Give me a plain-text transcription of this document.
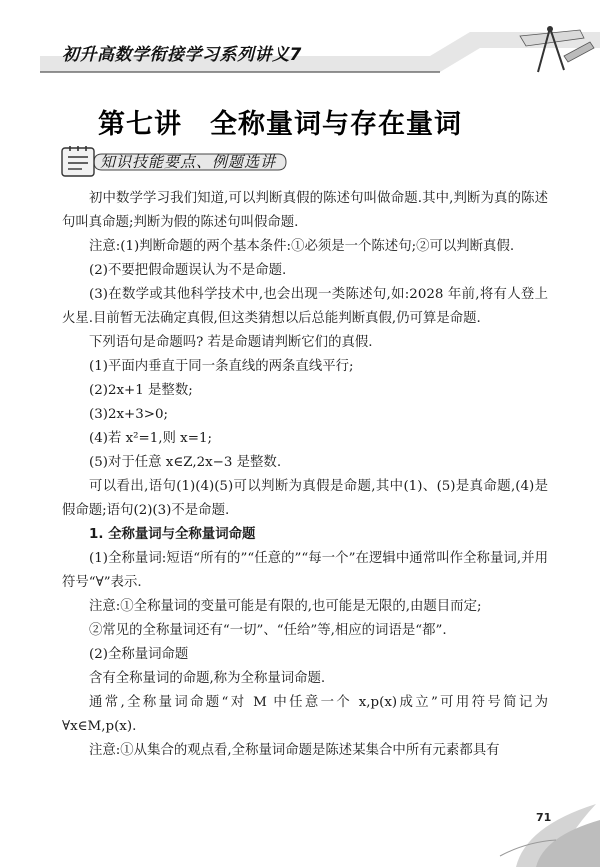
初升高数学衔接学习系列讲义7
第七讲　全称量词与存在量词
知识技能要点、例题选讲

初中数学学习我们知道,可以判断真假的陈述句叫做命题.其中,判断为真的陈述句叫真命题;判断为假的陈述句叫假命题.

注意:(1)判断命题的两个基本条件:①必须是一个陈述句;②可以判断真假.

(2)不要把假命题误认为不是命题.

(3)在数学或其他科学技术中,也会出现一类陈述句,如:2028 年前,将有人登上火星.目前暂无法确定真假,但这类猜想以后总能判断真假,仍可算是命题.

下列语句是命题吗? 若是命题请判断它们的真假.

(1)平面内垂直于同一条直线的两条直线平行;

(2)2x+1 是整数;

(3)2x+3>0;

(4)若 x²=1,则 x=1;

(5)对于任意 x∈Z,2x−3 是整数.

可以看出,语句(1)(4)(5)可以判断为真假是命题,其中(1)、(5)是真命题,(4)是假命题;语句(2)(3)不是命题.

1. 全称量词与全称量词命题

(1)全称量词:短语“所有的”“任意的”“每一个”在逻辑中通常叫作全称量词,并用符号“∀”表示.

注意:①全称量词的变量可能是有限的,也可能是无限的,由题目而定;

②常见的全称量词还有“一切”、“任给”等,相应的词语是“都”.

(2)全称量词命题

含有全称量词的命题,称为全称量词命题.

通常,全称量词命题“对 M 中任意一个 x,p(x)成立”可用符号简记为∀x∈M,p(x).

注意:①从集合的观点看,全称量词命题是陈述某集合中所有元素都具有

71
